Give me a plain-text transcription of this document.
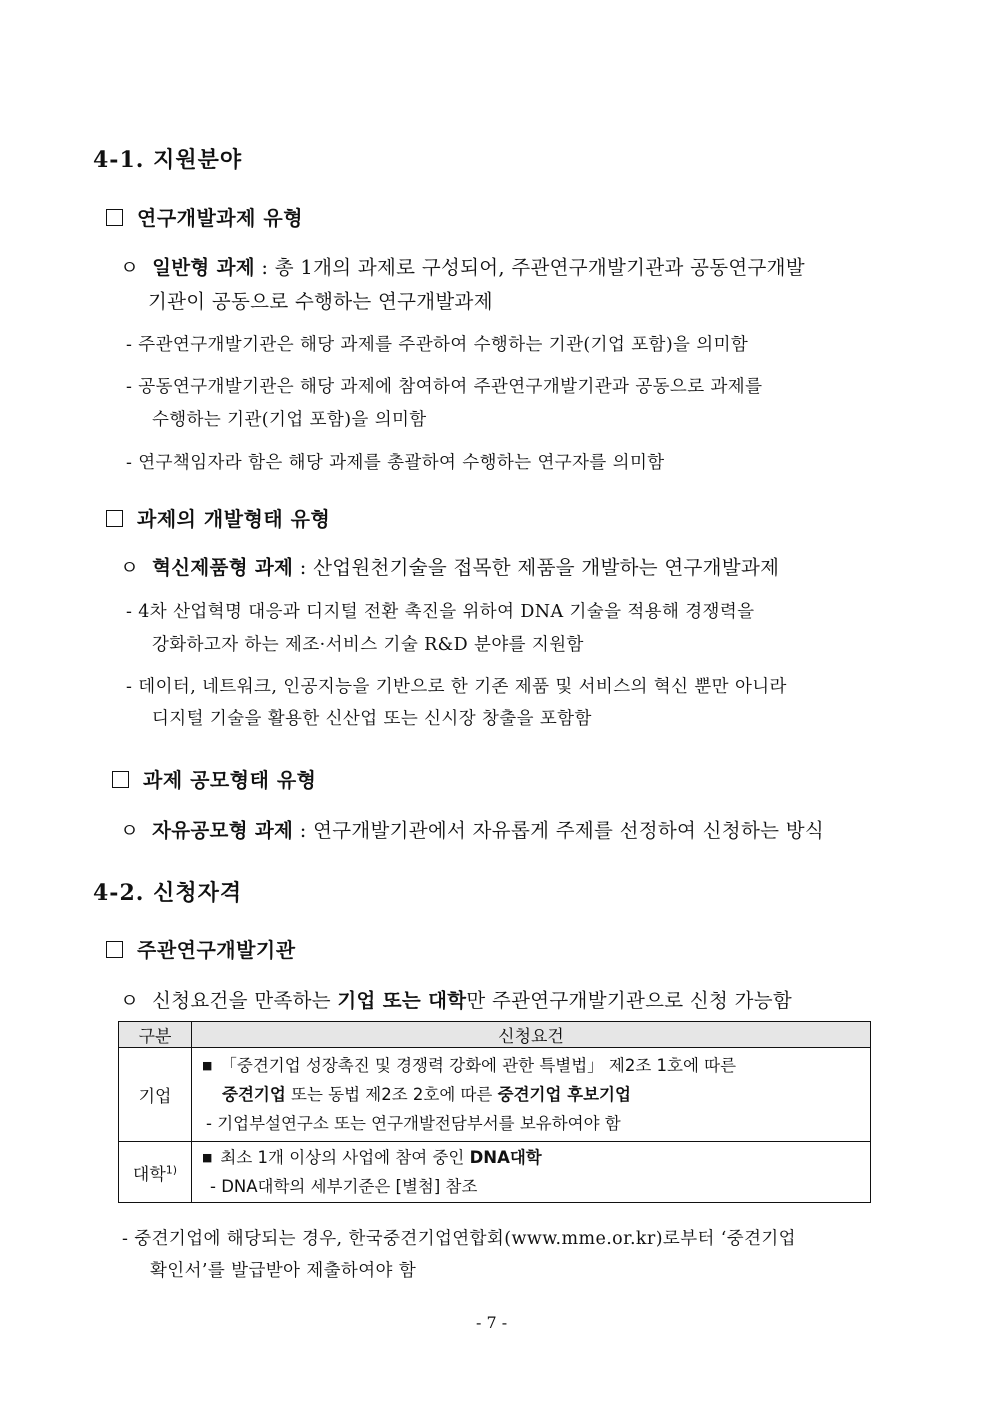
4-1. 지원분야
연구개발과제 유형
ㅇ  일반형 과제 : 총 1개의 과제로 구성되어, 주관연구개발기관과 공동연구개발
기관이 공동으로 수행하는 연구개발과제
- 주관연구개발기관은 해당 과제를 주관하여 수행하는 기관(기업 포함)을 의미함
- 공동연구개발기관은 해당 과제에 참여하여 주관연구개발기관과 공동으로 과제를
수행하는 기관(기업 포함)을 의미함
- 연구책임자라 함은 해당 과제를 총괄하여 수행하는 연구자를 의미함
과제의 개발형태 유형
ㅇ  혁신제품형 과제 : 산업원천기술을 접목한 제품을 개발하는 연구개발과제
- 4차 산업혁명 대응과 디지털 전환 촉진을 위하여 DNA 기술을 적용해 경쟁력을
강화하고자 하는 제조·서비스 기술 R&D 분야를 지원함
- 데이터, 네트워크, 인공지능을 기반으로 한 기존 제품 및 서비스의 혁신 뿐만 아니라
디지털 기술을 활용한 신산업 또는 신시장 창출을 포함함
과제 공모형태 유형
ㅇ  자유공모형 과제 : 연구개발기관에서 자유롭게 주제를 선정하여 신청하는 방식
4-2. 신청자격
주관연구개발기관
ㅇ  신청요건을 만족하는 기업 또는 대학만 주관연구개발기관으로 신청 가능함
구분	신청요건
기업	■ 「중견기업 성장촉진 및 경쟁력 강화에 관한 특별법」 제2조 1호에 따른
중견기업 또는 동법 제2조 2호에 따른 중견기업 후보기업
- 기업부설연구소 또는 연구개발전담부서를 보유하여야 함

대학$^{1)}$	■ 최소 1개 이상의 사업에 참여 중인 DNA대학
- DNA대학의 세부기준은 [별첨] 참조
- 중견기업에 해당되는 경우, 한국중견기업연합회(www.mme.or.kr)로부터 ‘중견기업
확인서’를 발급받아 제출하여야 함
- 7 -
